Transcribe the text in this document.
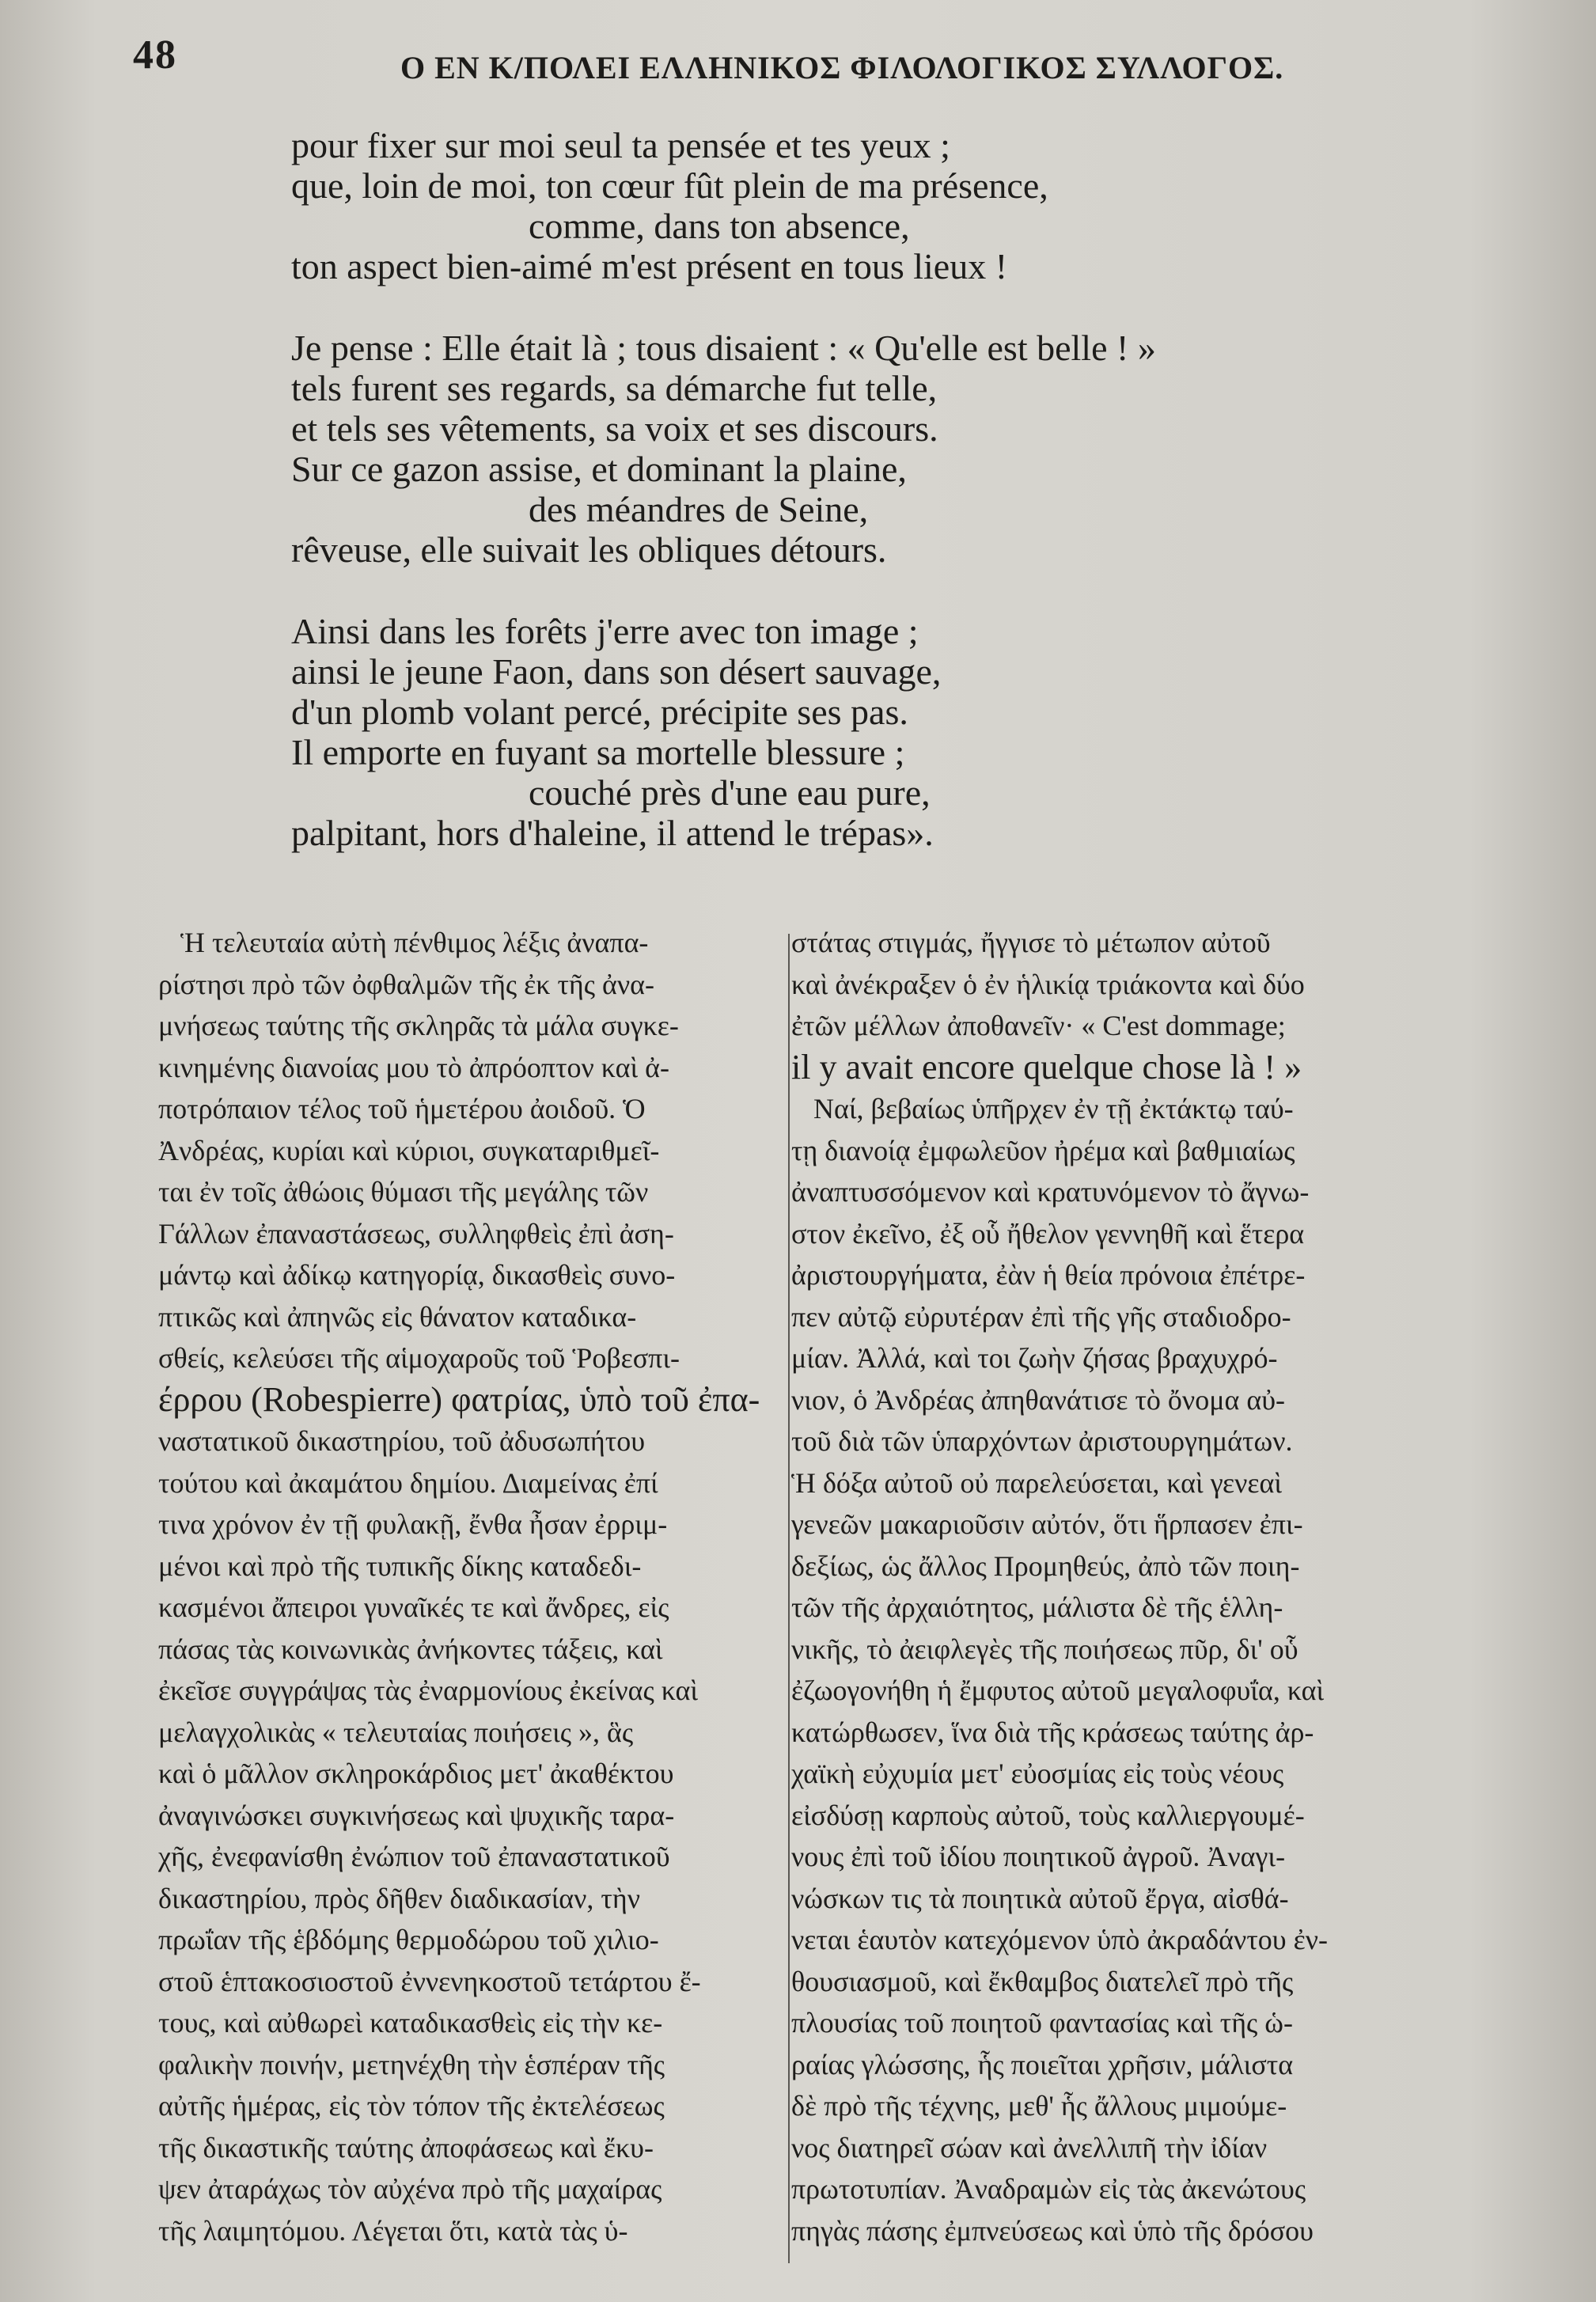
48	Ο ΕΝ Κ/ΠΟΛΕΙ ΕΛΛΗΝΙΚΟΣ ΦΙΛΟΛΟΓΙΚΟΣ ΣΥΛΛΟΓΟΣ.
pour fixer sur moi seul ta pensée et tes yeux ;
que, loin de moi, ton cœur fût plein de ma présence,
comme, dans ton absence,
ton aspect bien-aimé m'est présent en tous lieux !
Je pense : Elle était là ; tous disaient : « Qu'elle est belle ! »
tels furent ses regards, sa démarche fut telle,
et tels ses vêtements, sa voix et ses discours.
Sur ce gazon assise, et dominant la plaine,
des méandres de Seine,
rêveuse, elle suivait les obliques détours.
Ainsi dans les forêts j'erre avec ton image ;
ainsi le jeune Faon, dans son désert sauvage,
d'un plomb volant percé, précipite ses pas.
Il emporte en fuyant sa mortelle blessure ;
couché près d'une eau pure,
palpitant, hors d'haleine, il attend le trépas».
Ἡ τελευταία αὐτὴ πένθιμος λέξις ἀναπα-
ρίστησι πρὸ τῶν ὀφθαλμῶν τῆς ἐκ τῆς ἀνα-
μνήσεως ταύτης τῆς σκληρᾶς τὰ μάλα συγκε-
κινημένης διανοίας μου τὸ ἀπρόοπτον καὶ ἀ-
ποτρόπαιον τέλος τοῦ ἡμετέρου ἀοιδοῦ. Ὁ
Ἀνδρέας, κυρίαι καὶ κύριοι, συγκαταριθμεῖ-
ται ἐν τοῖς ἀθώοις θύμασι τῆς μεγάλης τῶν
Γάλλων ἐπαναστάσεως, συλληφθεὶς ἐπὶ ἀση-
μάντῳ καὶ ἀδίκῳ κατηγορίᾳ, δικασθεὶς συνο-
πτικῶς καὶ ἀπηνῶς εἰς θάνατον καταδικα-
σθείς, κελεύσει τῆς αἱμοχαροῦς τοῦ Ῥοβεσπι-
έρρου (Robespierre) φατρίας, ὑπὸ τοῦ ἐπα-
ναστατικοῦ δικαστηρίου, τοῦ ἀδυσωπήτου
τούτου καὶ ἀκαμάτου δημίου. Διαμείνας ἐπί
τινα χρόνον ἐν τῇ φυλακῇ, ἔνθα ἦσαν ἐρριμ-
μένοι καὶ πρὸ τῆς τυπικῆς δίκης καταδεδι-
κασμένοι ἄπειροι γυναῖκές τε καὶ ἄνδρες, εἰς
πάσας τὰς κοινωνικὰς ἀνήκοντες τάξεις, καὶ
ἐκεῖσε συγγράψας τὰς ἐναρμονίους ἐκείνας καὶ
μελαγχολικὰς « τελευταίας ποιήσεις », ἃς
καὶ ὁ μᾶλλον σκληροκάρδιος μετ' ἀκαθέκτου
ἀναγινώσκει συγκινήσεως καὶ ψυχικῆς ταρα-
χῆς, ἐνεφανίσθη ἐνώπιον τοῦ ἐπαναστατικοῦ
δικαστηρίου, πρὸς δῆθεν διαδικασίαν, τὴν
πρωΐαν τῆς ἑβδόμης θερμοδώρου τοῦ χιλιο-
στοῦ ἑπτακοσιοστοῦ ἐννενηκοστοῦ τετάρτου ἔ-
τους, καὶ αὐθωρεὶ καταδικασθεὶς εἰς τὴν κε-
φαλικὴν ποινήν, μετηνέχθη τὴν ἑσπέραν τῆς
αὐτῆς ἡμέρας, εἰς τὸν τόπον τῆς ἐκτελέσεως
τῆς δικαστικῆς ταύτης ἀποφάσεως καὶ ἔκυ-
ψεν ἀταράχως τὸν αὐχένα πρὸ τῆς μαχαίρας
τῆς λαιμητόμου. Λέγεται ὅτι, κατὰ τὰς ὑ-
στάτας στιγμάς, ἤγγισε τὸ μέτωπον αὐτοῦ
καὶ ἀνέκραξεν ὁ ἐν ἡλικίᾳ τριάκοντα καὶ δύο
ἐτῶν μέλλων ἀποθανεῖν· « C'est dommage;
il y avait encore quelque chose là ! »
Ναί, βεβαίως ὑπῆρχεν ἐν τῇ ἐκτάκτῳ ταύ-
τῃ διανοίᾳ ἐμφωλεῦον ἠρέμα καὶ βαθμιαίως
ἀναπτυσσόμενον καὶ κρατυνόμενον τὸ ἄγνω-
στον ἐκεῖνο, ἐξ οὗ ἤθελον γεννηθῆ καὶ ἕτερα
ἀριστουργήματα, ἐὰν ἡ θεία πρόνοια ἐπέτρε-
πεν αὐτῷ εὐρυτέραν ἐπὶ τῆς γῆς σταδιοδρο-
μίαν. Ἀλλά, καὶ τοι ζωὴν ζήσας βραχυχρό-
νιον, ὁ Ἀνδρέας ἀπηθανάτισε τὸ ὄνομα αὐ-
τοῦ διὰ τῶν ὑπαρχόντων ἀριστουργημάτων.
Ἡ δόξα αὐτοῦ οὐ παρελεύσεται, καὶ γενεαὶ
γενεῶν μακαριοῦσιν αὐτόν, ὅτι ἥρπασεν ἐπι-
δεξίως, ὡς ἄλλος Προμηθεύς, ἀπὸ τῶν ποιη-
τῶν τῆς ἀρχαιότητος, μάλιστα δὲ τῆς ἑλλη-
νικῆς, τὸ ἀειφλεγὲς τῆς ποιήσεως πῦρ, δι' οὗ
ἐζωογονήθη ἡ ἔμφυτος αὐτοῦ μεγαλοφυΐα, καὶ
κατώρθωσεν, ἵνα διὰ τῆς κράσεως ταύτης ἀρ-
χαϊκὴ εὐχυμία μετ' εὐοσμίας εἰς τοὺς νέους
εἰσδύσῃ καρποὺς αὐτοῦ, τοὺς καλλιεργουμέ-
νους ἐπὶ τοῦ ἰδίου ποιητικοῦ ἀγροῦ. Ἀναγι-
νώσκων τις τὰ ποιητικὰ αὐτοῦ ἔργα, αἰσθά-
νεται ἑαυτὸν κατεχόμενον ὑπὸ ἀκραδάντου ἐν-
θουσιασμοῦ, καὶ ἔκθαμβος διατελεῖ πρὸ τῆς
πλουσίας τοῦ ποιητοῦ φαντασίας καὶ τῆς ὡ-
ραίας γλώσσης, ἧς ποιεῖται χρῆσιν, μάλιστα
δὲ πρὸ τῆς τέχνης, μεθ' ἧς ἄλλους μιμούμε-
νος διατηρεῖ σώαν καὶ ἀνελλιπῆ τὴν ἰδίαν
πρωτοτυπίαν. Ἀναδραμὼν εἰς τὰς ἀκενώτους
πηγὰς πάσης ἐμπνεύσεως καὶ ὑπὸ τῆς δρόσου
